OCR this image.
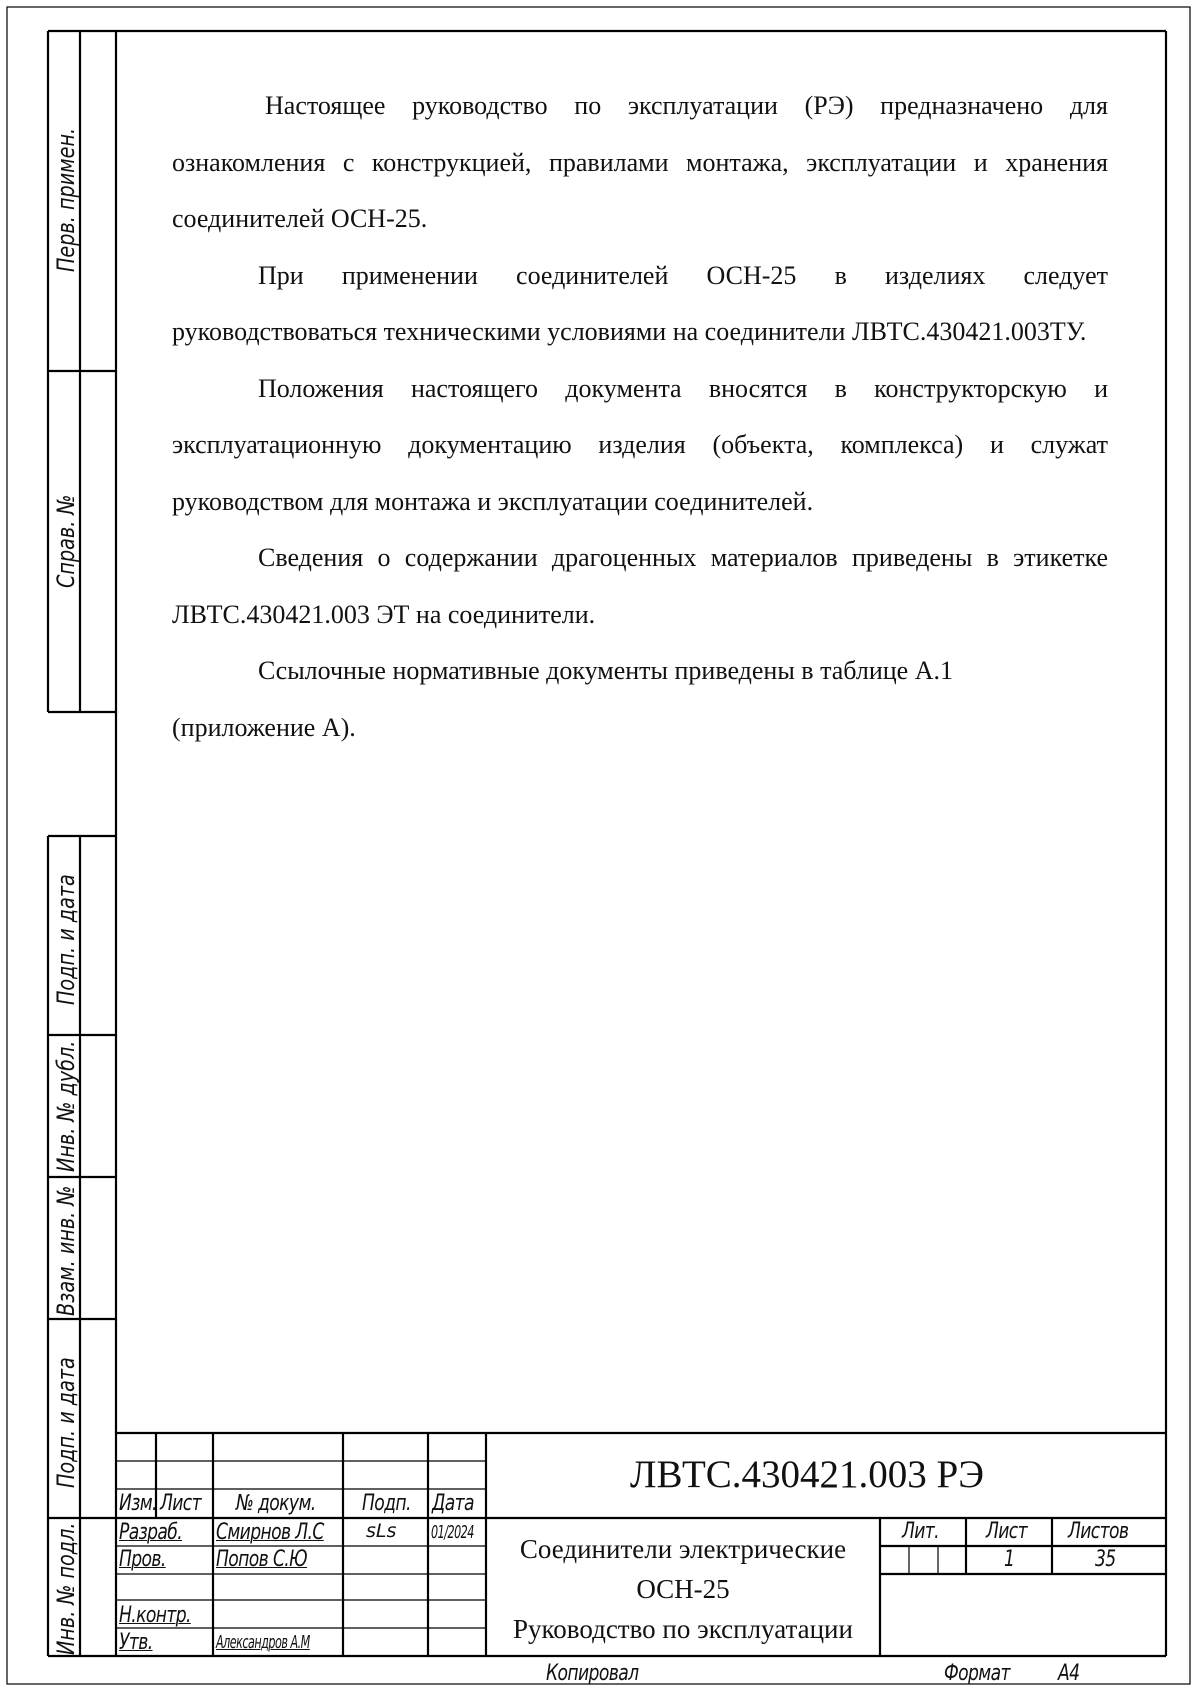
Перв. примен.
Справ. №
Подп. и дата
Инв. № дубл.
Взам. инв. №
Подп. и дата
Инв. № подл.

Настоящее руководство по эксплуатации (РЭ) предназначено для ознакомления с конструкцией, правилами монтажа, эксплуатации и хранения соединителей ОСН-25.

При применении соединителей ОСН-25 в изделиях следует руководствоваться техническими условиями на соединители ЛВТС.430421.003ТУ.

Положения настоящего документа вносятся в конструкторскую и эксплуатационную документацию изделия (объекта, комплекса) и служат руководством для монтажа и эксплуатации соединителей.

Сведения о содержании драгоценных материалов приведены в этикетке ЛВТС.430421.003 ЭТ на соединители.

Ссылочные нормативные документы приведены в таблице А.1

(приложение А).

ЛВТС.430421.003 РЭ
Изм. Лист № докум. Подп. Дата
Разраб.
Пров.
Н.контр.
Утв.
Смирнов Л.С sLs 01/2024
Попов С.Ю
Александров А.М
Соединители электрические
ОСН-25
Руководство по эксплуатации
Лит. Лист Листов
1	35
Копировал	Формат А4
